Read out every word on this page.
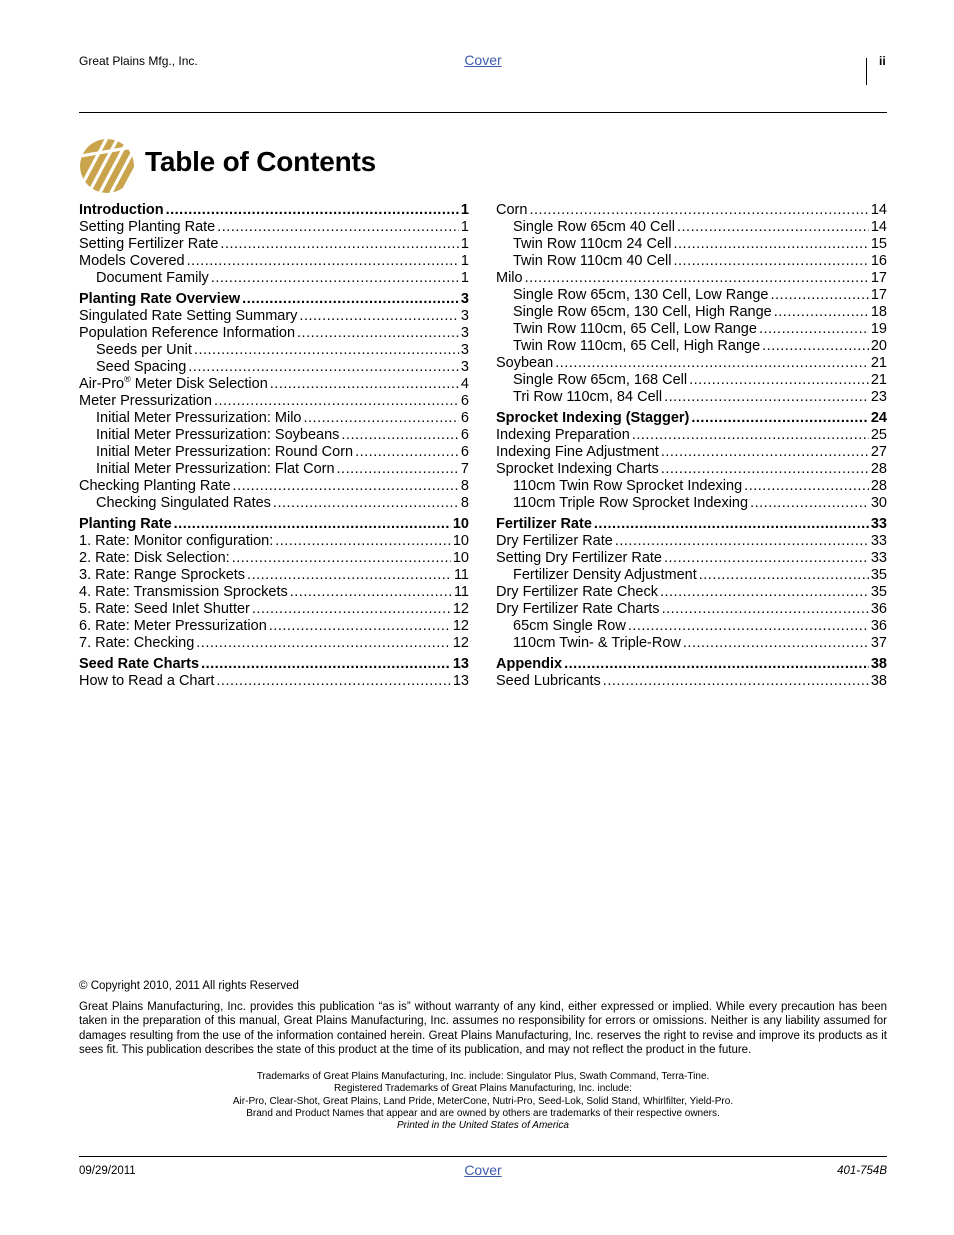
Great Plains Mfg., Inc.	Cover	ii
Table of Contents
Introduction .....	1
Setting Planting Rate .....	1
Setting Fertilizer Rate .....	1
Models Covered .....	1
Document Family .....	1
Planting Rate Overview .....	3
Singulated Rate Setting Summary .....	3
Population Reference Information .....	3
Seeds per Unit .....	3
Seed Spacing .....	3
Air-Pro® Meter Disk Selection .....	4
Meter Pressurization .....	6
Initial Meter Pressurization: Milo .....	6
Initial Meter Pressurization: Soybeans .....	6
Initial Meter Pressurization: Round Corn .....	6
Initial Meter Pressurization: Flat Corn .....	7
Checking Planting Rate .....	8
Checking Singulated Rates .....	8
Planting Rate .....	10
1. Rate: Monitor configuration: .....	10
2. Rate: Disk Selection: .....	10
3. Rate: Range Sprockets .....	11
4. Rate: Transmission Sprockets .....	11
5. Rate: Seed Inlet Shutter .....	12
6. Rate: Meter Pressurization .....	12
7. Rate: Checking .....	12
Seed Rate Charts .....	13
How to Read a Chart .....	13
Corn .....	14
Single Row 65cm 40 Cell .....	14
Twin Row 110cm 24 Cell .....	15
Twin Row 110cm 40 Cell .....	16
Milo .....	17
Single Row 65cm, 130 Cell, Low Range .....	17
Single Row 65cm, 130 Cell, High Range .....	18
Twin Row 110cm, 65 Cell, Low Range .....	19
Twin Row 110cm, 65 Cell, High Range .....	20
Soybean .....	21
Single Row 65cm, 168 Cell .....	21
Tri Row 110cm, 84 Cell .....	23
Sprocket Indexing (Stagger) .....	24
Indexing Preparation .....	25
Indexing Fine Adjustment .....	27
Sprocket Indexing Charts .....	28
110cm Twin Row Sprocket Indexing .....	28
110cm Triple Row Sprocket Indexing .....	30
Fertilizer Rate .....	33
Dry Fertilizer Rate .....	33
Setting Dry Fertilizer Rate .....	33
Fertilizer Density Adjustment .....	35
Dry Fertilizer Rate Check .....	35
Dry Fertilizer Rate Charts .....	36
65cm Single Row .....	36
110cm Twin- & Triple-Row .....	37
Appendix .....	38
Seed Lubricants .....	38
© Copyright 2010, 2011 All rights Reserved

Great Plains Manufacturing, Inc. provides this publication “as is” without warranty of any kind, either expressed or implied. While every precaution has been taken in the preparation of this manual, Great Plains Manufacturing, Inc. assumes no responsibility for errors or omissions. Neither is any liability assumed for damages resulting from the use of the information contained herein. Great Plains Manufacturing, Inc. reserves the right to revise and improve its products as it sees fit. This publication describes the state of this product at the time of its publication, and may not reflect the product in the future.

Trademarks of Great Plains Manufacturing, Inc. include: Singulator Plus, Swath Command, Terra-Tine.
Registered Trademarks of Great Plains Manufacturing, Inc. include:
Air-Pro, Clear-Shot, Great Plains, Land Pride, MeterCone, Nutri-Pro, Seed-Lok, Solid Stand, Whirlfilter, Yield-Pro.
Brand and Product Names that appear and are owned by others are trademarks of their respective owners.
Printed in the United States of America
09/29/2011	Cover	401-754B
